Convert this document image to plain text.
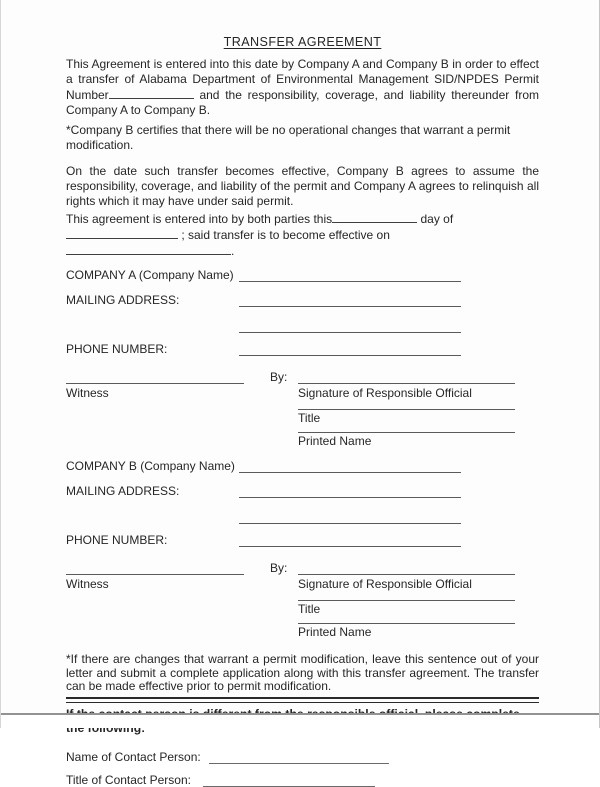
TRANSFER AGREEMENT

This Agreement is entered into this date by Company A and Company B in order to effect a transfer of Alabama Department of Environmental Management SID/NPDES Permit Number	and the responsibility, coverage, and liability thereunder from Company A to Company B.

*Company B certifies that there will be no operational changes that warrant a permit modification.

On the date such transfer becomes effective, Company B agrees to assume the responsibility, coverage, and liability of the permit and Company A agrees to relinquish all rights which it may have under said permit.

This agreement is entered into by both parties this	day of  ; said transfer is to become effective on .

COMPANY A (Company Name)
MAILING ADDRESS:
PHONE NUMBER:
By:
Witness	Signature of Responsible Official
Title
Printed Name
COMPANY B (Company Name)
MAILING ADDRESS:
PHONE NUMBER:
By:
Witness	Signature of Responsible Official
Title
Printed Name

*If there are changes that warrant a permit modification, leave this sentence out of your letter and submit a complete application along with this transfer agreement. The transfer can be made effective prior to permit modification.

Name of Contact Person:
Title of Contact Person:
